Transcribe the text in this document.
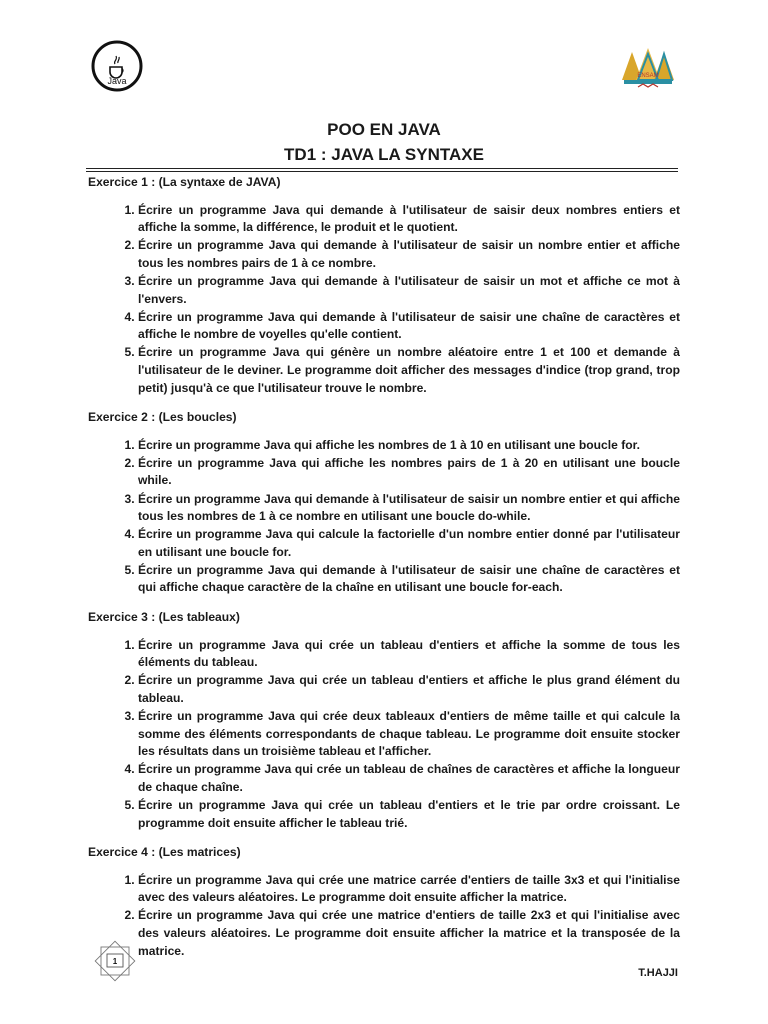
Java	ENSAM
POO EN JAVA
TD1 : JAVA LA SYNTAXE

Exercice 1 : (La syntaxe de JAVA)

1. Écrire un programme Java qui demande à l'utilisateur de saisir deux nombres entiers et affiche la somme, la différence, le produit et le quotient.
2. Écrire un programme Java qui demande à l'utilisateur de saisir un nombre entier et affiche tous les nombres pairs de 1 à ce nombre.
3. Écrire un programme Java qui demande à l'utilisateur de saisir un mot et affiche ce mot à l'envers.
4. Écrire un programme Java qui demande à l'utilisateur de saisir une chaîne de caractères et affiche le nombre de voyelles qu'elle contient.
5. Écrire un programme Java qui génère un nombre aléatoire entre 1 et 100 et demande à l'utilisateur de le deviner. Le programme doit afficher des messages d'indice (trop grand, trop petit) jusqu'à ce que l'utilisateur trouve le nombre.

Exercice 2 : (Les boucles)

1. Écrire un programme Java qui affiche les nombres de 1 à 10 en utilisant une boucle for.
2. Écrire un programme Java qui affiche les nombres pairs de 1 à 20 en utilisant une boucle while.
3. Écrire un programme Java qui demande à l'utilisateur de saisir un nombre entier et qui affiche tous les nombres de 1 à ce nombre en utilisant une boucle do-while.
4. Écrire un programme Java qui calcule la factorielle d'un nombre entier donné par l'utilisateur en utilisant une boucle for.
5. Écrire un programme Java qui demande à l'utilisateur de saisir une chaîne de caractères et qui affiche chaque caractère de la chaîne en utilisant une boucle for-each.

Exercice 3 : (Les tableaux)

1. Écrire un programme Java qui crée un tableau d'entiers et affiche la somme de tous les éléments du tableau.
2. Écrire un programme Java qui crée un tableau d'entiers et affiche le plus grand élément du tableau.
3. Écrire un programme Java qui crée deux tableaux d'entiers de même taille et qui calcule la somme des éléments correspondants de chaque tableau. Le programme doit ensuite stocker les résultats dans un troisième tableau et l'afficher.
4. Écrire un programme Java qui crée un tableau de chaînes de caractères et affiche la longueur de chaque chaîne.
5. Écrire un programme Java qui crée un tableau d'entiers et le trie par ordre croissant. Le programme doit ensuite afficher le tableau trié.

Exercice 4 : (Les matrices)

1. Écrire un programme Java qui crée une matrice carrée d'entiers de taille 3x3 et qui l'initialise avec des valeurs aléatoires. Le programme doit ensuite afficher la matrice.
2. Écrire un programme Java qui crée une matrice d'entiers de taille 2x3 et qui l'initialise avec des valeurs aléatoires. Le programme doit ensuite afficher la matrice et la transposée de la matrice.
1
T.HAJJI
